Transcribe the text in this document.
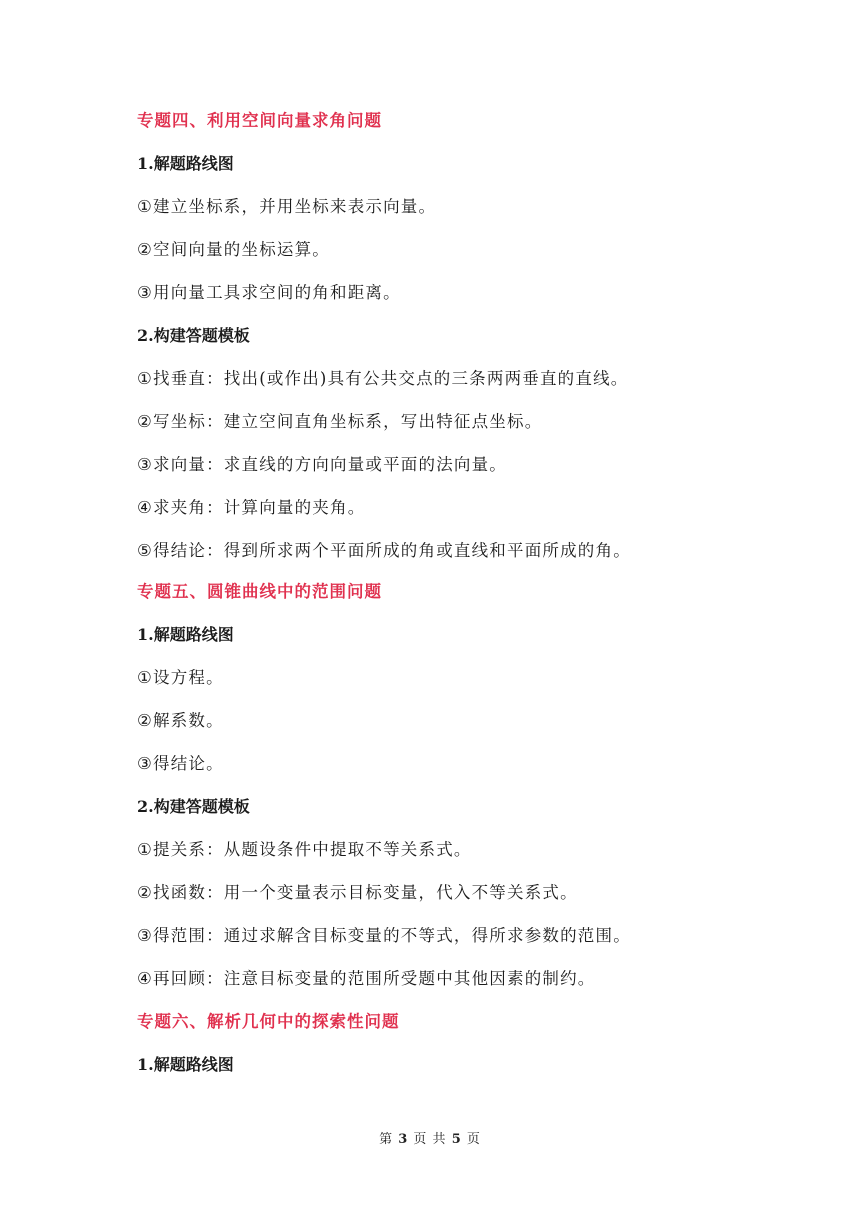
专题四、利用空间向量求角问题
1.解题路线图
①建立坐标系，并用坐标来表示向量。
②空间向量的坐标运算。
③用向量工具求空间的角和距离。
2.构建答题模板
①找垂直：找出(或作出)具有公共交点的三条两两垂直的直线。
②写坐标：建立空间直角坐标系，写出特征点坐标。
③求向量：求直线的方向向量或平面的法向量。
④求夹角：计算向量的夹角。
⑤得结论：得到所求两个平面所成的角或直线和平面所成的角。
专题五、圆锥曲线中的范围问题
1.解题路线图
①设方程。
②解系数。
③得结论。
2.构建答题模板
①提关系：从题设条件中提取不等关系式。
②找函数：用一个变量表示目标变量，代入不等关系式。
③得范围：通过求解含目标变量的不等式，得所求参数的范围。
④再回顾：注意目标变量的范围所受题中其他因素的制约。
专题六、解析几何中的探索性问题
1.解题路线图
第 3 页 共 5 页
